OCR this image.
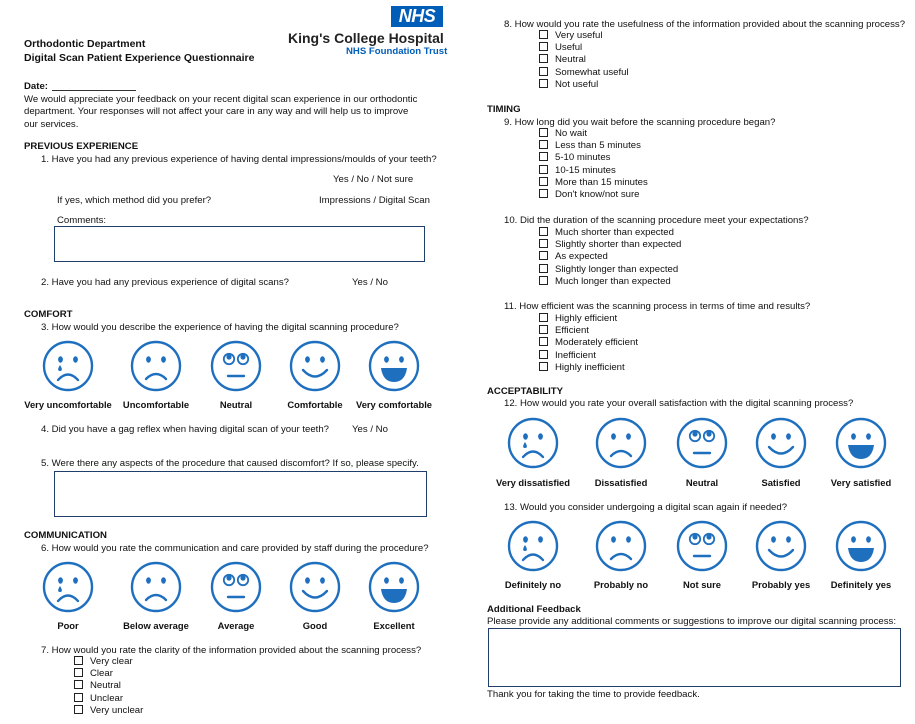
Orthodontic Department
Digital Scan Patient Experience Questionnaire
NHS
King's College Hospital
NHS Foundation Trust
Date:
We would appreciate your feedback on your recent digital scan experience in our orthodontic department. Your responses will not affect your care in any way and will help us to improve our services.
PREVIOUS EXPERIENCE
1. Have you had any previous experience of having dental impressions/moulds of your teeth?
Yes / No / Not sure
If yes, which method did you prefer?	Impressions / Digital Scan
Comments:
2. Have you had any previous experience of digital scans?	Yes / No
COMFORT
3. How would you describe the experience of having the digital scanning procedure?
Very uncomfortable	Uncomfortable	Neutral	Comfortable	Very comfortable
4. Did you have a gag reflex when having digital scan of your teeth? Yes / No
5. Were there any aspects of the procedure that caused discomfort? If so, please specify.
COMMUNICATION
6. How would you rate the communication and care provided by staff during the procedure?
Poor	Below average	Average	Good	Excellent
7. How would you rate the clarity of the information provided about the scanning process?
Very clear
Clear
Neutral
Unclear
Very unclear
8. How would you rate the usefulness of the information provided about the scanning process?
Very useful
Useful
Neutral
Somewhat useful
Not useful
TIMING
9. How long did you wait before the scanning procedure began?
No wait
Less than 5 minutes
5-10 minutes
10-15 minutes
More than 15 minutes
Don't know/not sure
10. Did the duration of the scanning procedure meet your expectations?
Much shorter than expected
Slightly shorter than expected
As expected
Slightly longer than expected
Much longer than expected
11. How efficient was the scanning process in terms of time and results?
Highly efficient
Efficient
Moderately efficient
Inefficient
Highly inefficient
ACCEPTABILITY
12. How would you rate your overall satisfaction with the digital scanning process?
Very dissatisfied	Dissatisfied	Neutral	Satisfied	Very satisfied
13. Would you consider undergoing a digital scan again if needed?
Definitely no	Probably no	Not sure	Probably yes	Definitely yes
Additional Feedback
Please provide any additional comments or suggestions to improve our digital scanning process:
Thank you for taking the time to provide feedback.
